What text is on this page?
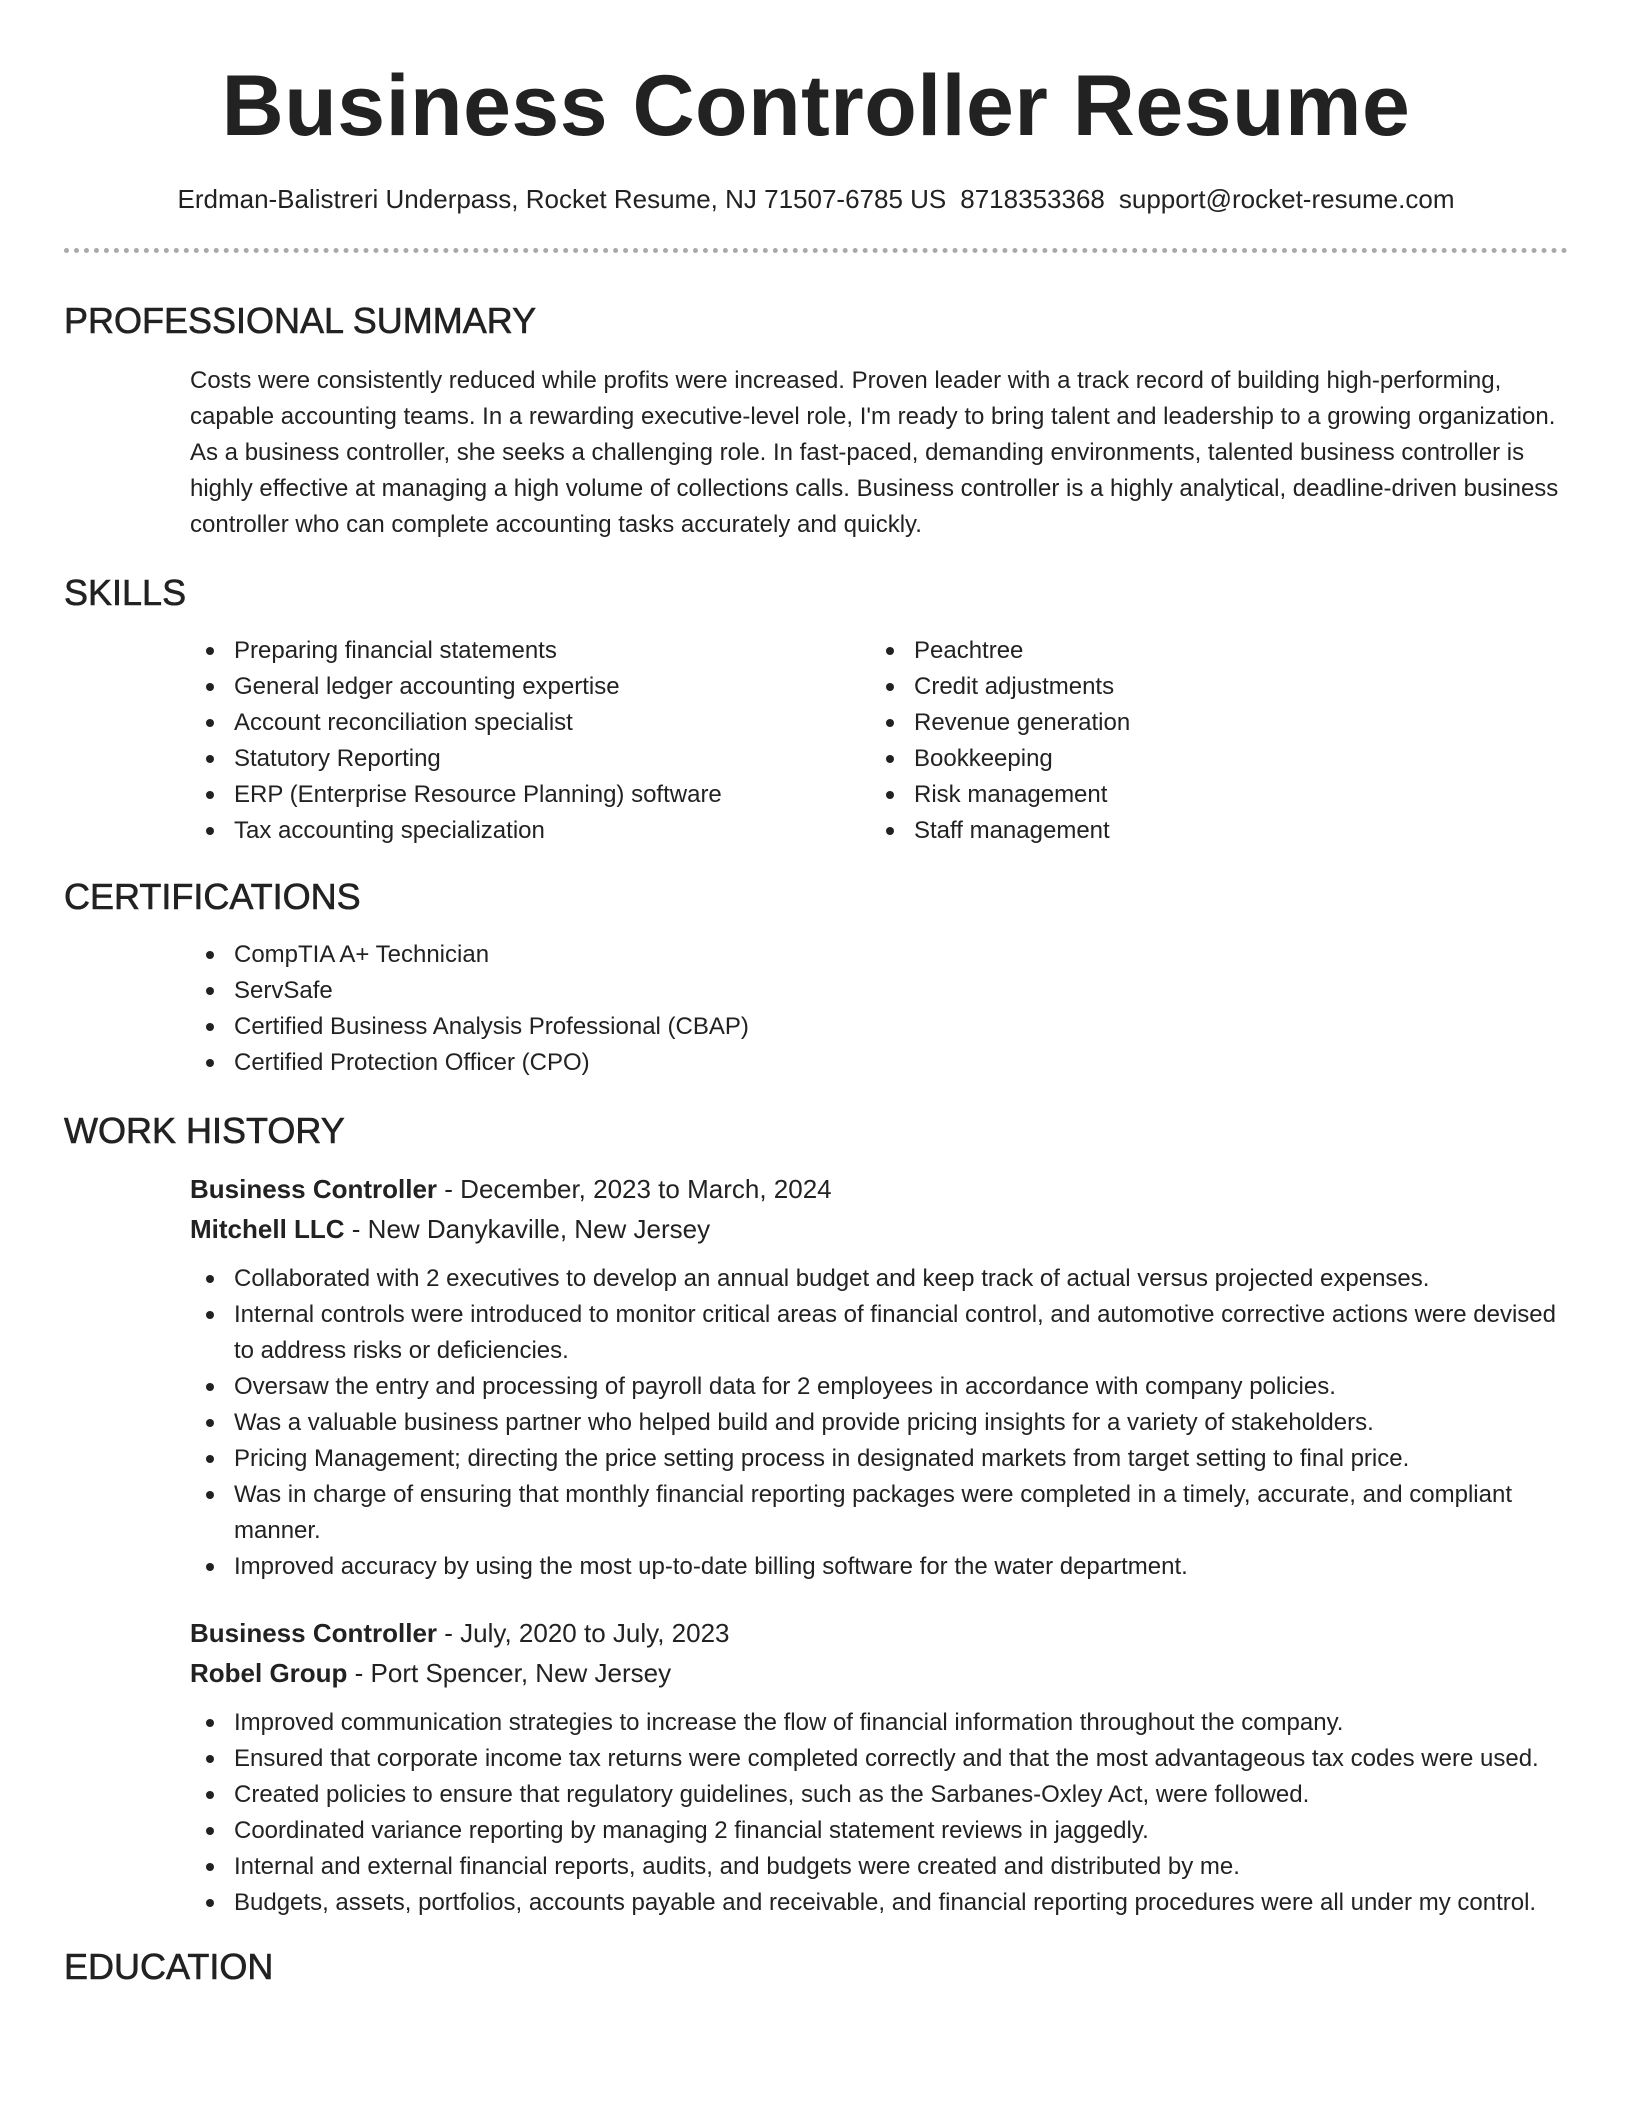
Business Controller Resume
Erdman-Balistreri Underpass, Rocket Resume, NJ 71507-6785 US 8718353368 support@rocket-resume.com
PROFESSIONAL SUMMARY

Costs were consistently reduced while profits were increased. Proven leader with a track record of building high-performing, capable accounting teams. In a rewarding executive-level role, I'm ready to bring talent and leadership to a growing organization. As a business controller, she seeks a challenging role. In fast-paced, demanding environments, talented business controller is highly effective at managing a high volume of collections calls. Business controller is a highly analytical, deadline-driven business controller who can complete accounting tasks accurately and quickly.

SKILLS
Preparing financial statements
General ledger accounting expertise
Account reconciliation specialist
Statutory Reporting
ERP (Enterprise Resource Planning) software
Tax accounting specialization
Peachtree
Credit adjustments
Revenue generation
Bookkeeping
Risk management
Staff management
CERTIFICATIONS
CompTIA A+ Technician
ServSafe
Certified Business Analysis Professional (CBAP)
Certified Protection Officer (CPO)
WORK HISTORY
Business Controller - December, 2023 to March, 2024
Mitchell LLC - New Danykaville, New Jersey
Collaborated with 2 executives to develop an annual budget and keep track of actual versus projected expenses.
Internal controls were introduced to monitor critical areas of financial control, and automotive corrective actions were devised to address risks or deficiencies.
Oversaw the entry and processing of payroll data for 2 employees in accordance with company policies.
Was a valuable business partner who helped build and provide pricing insights for a variety of stakeholders.
Pricing Management; directing the price setting process in designated markets from target setting to final price.
Was in charge of ensuring that monthly financial reporting packages were completed in a timely, accurate, and compliant manner.
Improved accuracy by using the most up-to-date billing software for the water department.
Business Controller - July, 2020 to July, 2023
Robel Group - Port Spencer, New Jersey
Improved communication strategies to increase the flow of financial information throughout the company.
Ensured that corporate income tax returns were completed correctly and that the most advantageous tax codes were used.
Created policies to ensure that regulatory guidelines, such as the Sarbanes-Oxley Act, were followed.
Coordinated variance reporting by managing 2 financial statement reviews in jaggedly.
Internal and external financial reports, audits, and budgets were created and distributed by me.
Budgets, assets, portfolios, accounts payable and receivable, and financial reporting procedures were all under my control.
EDUCATION
